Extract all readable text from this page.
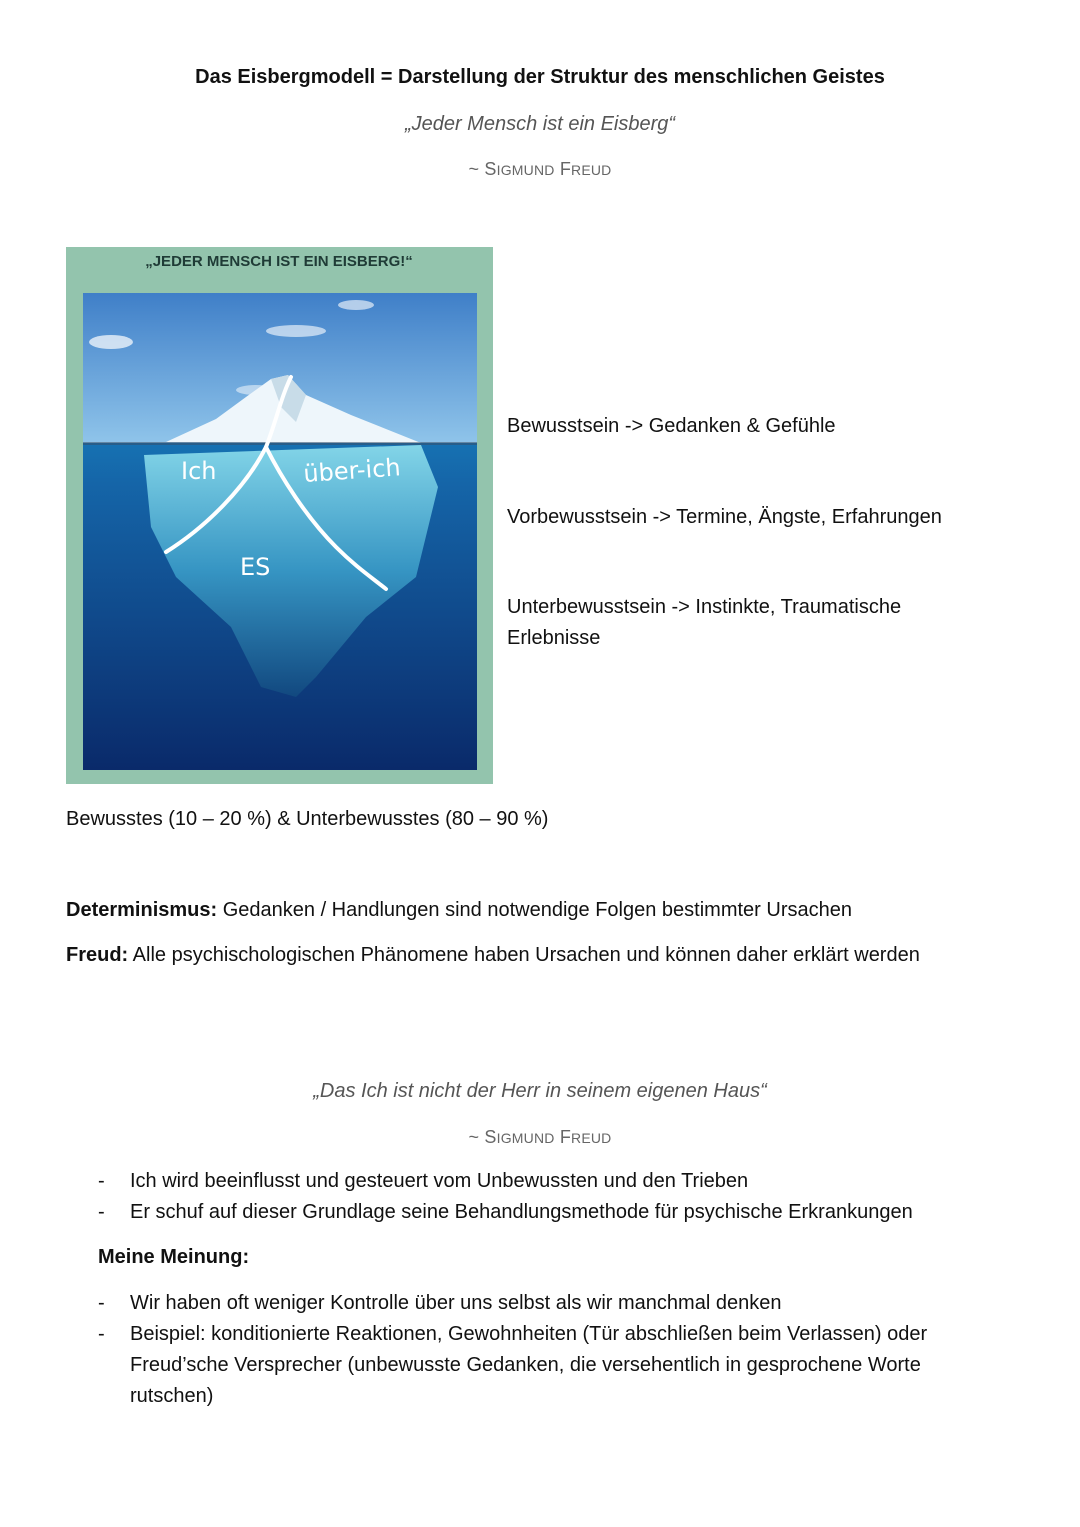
Das Eisbergmodell = Darstellung der Struktur des menschlichen Geistes
„Jeder Mensch ist ein Eisberg“
~ SIGMUND FREUD
„JEDER MENSCH IST EIN EISBERG!“
Ich	über-ich
ES
Bewusstsein -> Gedanken & Gefühle
Vorbewusstsein -> Termine, Ängste, Erfahrungen
Unterbewusstsein -> Instinkte, Traumatische Erlebnisse
Bewusstes (10 – 20 %) & Unterbewusstes (80 – 90 %)
Determinismus: Gedanken / Handlungen sind notwendige Folgen bestimmter Ursachen
Freud: Alle psychischologischen Phänomene haben Ursachen und können daher erklärt werden
„Das Ich ist nicht der Herr in seinem eigenen Haus“
~ SIGMUND FREUD
- Ich wird beeinflusst und gesteuert vom Unbewussten und den Trieben
- Er schuf auf dieser Grundlage seine Behandlungsmethode für psychische Erkrankungen
Meine Meinung:
- Wir haben oft weniger Kontrolle über uns selbst als wir manchmal denken
- Beispiel: konditionierte Reaktionen, Gewohnheiten (Tür abschließen beim Verlassen) oder Freud’sche Versprecher (unbewusste Gedanken, die versehentlich in gesprochene Worte rutschen)
